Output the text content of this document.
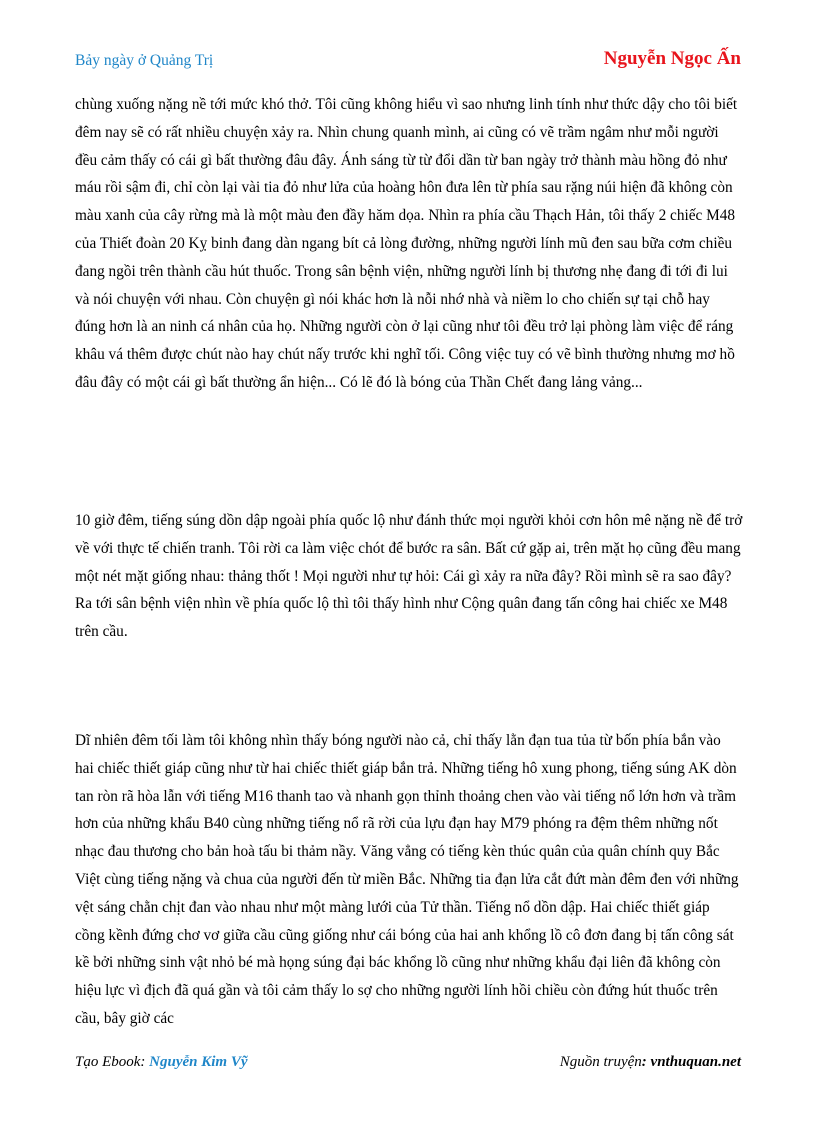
Bảy ngày ở Quảng Trị	Nguyễn Ngọc Ấn

chùng xuống nặng nề tới mức khó thở. Tôi cũng không hiểu vì sao nhưng linh tính như thức dậy cho tôi biết đêm nay sẽ có rất nhiều chuyện xảy ra. Nhìn chung quanh mình, ai cũng có vẽ trầm ngâm như mỗi người đều cảm thấy có cái gì bất thường đâu đây. Ánh sáng từ từ đổi dần từ ban ngày trở thành màu hồng đỏ như máu rồi sậm đi, chỉ còn lại vài tia đỏ như lửa của hoàng hôn đưa lên từ phía sau rặng núi hiện đã không còn màu xanh của cây rừng mà là một màu đen đầy hăm dọa. Nhìn ra phía cầu Thạch Hản, tôi thấy 2 chiếc M48 của Thiết đoàn 20 Kỵ binh đang dàn ngang bít cả lòng đường, những người lính mũ đen sau bữa cơm chiều đang ngồi trên thành cầu hút thuốc. Trong sân bệnh viện, những người lính bị thương nhẹ đang đi tới đi lui và nói chuyện với nhau. Còn chuyện gì nói khác hơn là nỗi nhớ nhà và niềm lo cho chiến sự tại chỗ hay đúng hơn là an ninh cá nhân của họ. Những người còn ở lại cũng như tôi đều trở lại phòng làm việc để ráng khâu vá thêm được chút nào hay chút nấy trước khi nghĩ tối. Công việc tuy có vẽ bình thường nhưng mơ hồ đâu đây có một cái gì bất thường ẩn hiện... Có lẽ đó là bóng của Thần Chết đang lảng vảng...

10 giờ đêm, tiếng súng dồn dập ngoài phía quốc lộ như đánh thức mọi người khỏi cơn hôn mê nặng nề để trở về với thực tế chiến tranh. Tôi rời ca làm việc chót để bước ra sân. Bất cứ gặp ai, trên mặt họ cũng đều mang một nét mặt giống nhau: thảng thốt ! Mọi người như tự hỏi: Cái gì xảy ra nữa đây? Rồi mình sẽ ra sao đây? Ra tới sân bệnh viện nhìn về phía quốc lộ thì tôi thấy hình như Cộng quân đang tấn công hai chiếc xe M48 trên cầu.

Dĩ nhiên đêm tối làm tôi không nhìn thấy bóng người nào cả, chỉ thấy lằn đạn tua tủa từ bốn phía bắn vào hai chiếc thiết giáp cũng như từ hai chiếc thiết giáp bắn trả. Những tiếng hô xung phong, tiếng súng AK dòn tan ròn rã hòa lẫn với tiếng M16 thanh tao và nhanh gọn thỉnh thoảng chen vào vài tiếng nổ lớn hơn và trầm hơn của những khẩu B40 cùng những tiếng nổ rã rời của lựu đạn hay M79 phóng ra đệm thêm những nốt nhạc đau thương cho bản hoà tấu bi thảm nầy. Văng vẳng có tiếng kèn thúc quân của quân chính quy Bắc Việt cùng tiếng nặng và chua của người đến từ miền Bắc. Những tia đạn lửa cắt đứt màn đêm đen với những vệt sáng chằn chịt đan vào nhau như một màng lưới của Tử thần. Tiếng nổ dồn dập. Hai chiếc thiết giáp cồng kềnh đứng chơ vơ giữa cầu cũng giống như cái bóng của hai anh khổng lồ cô đơn đang bị tấn công sát kề bởi những sinh vật nhỏ bé mà họng súng đại bác khổng lồ cũng như những khẩu đại liên đã không còn hiệu lực vì địch đã quá gần và tôi cảm thấy lo sợ cho những người lính hồi chiều còn đứng hút thuốc trên cầu, bây giờ các

Tạo Ebook: Nguyễn Kim Vỹ	Nguồn truyện: vnthuquan.net
